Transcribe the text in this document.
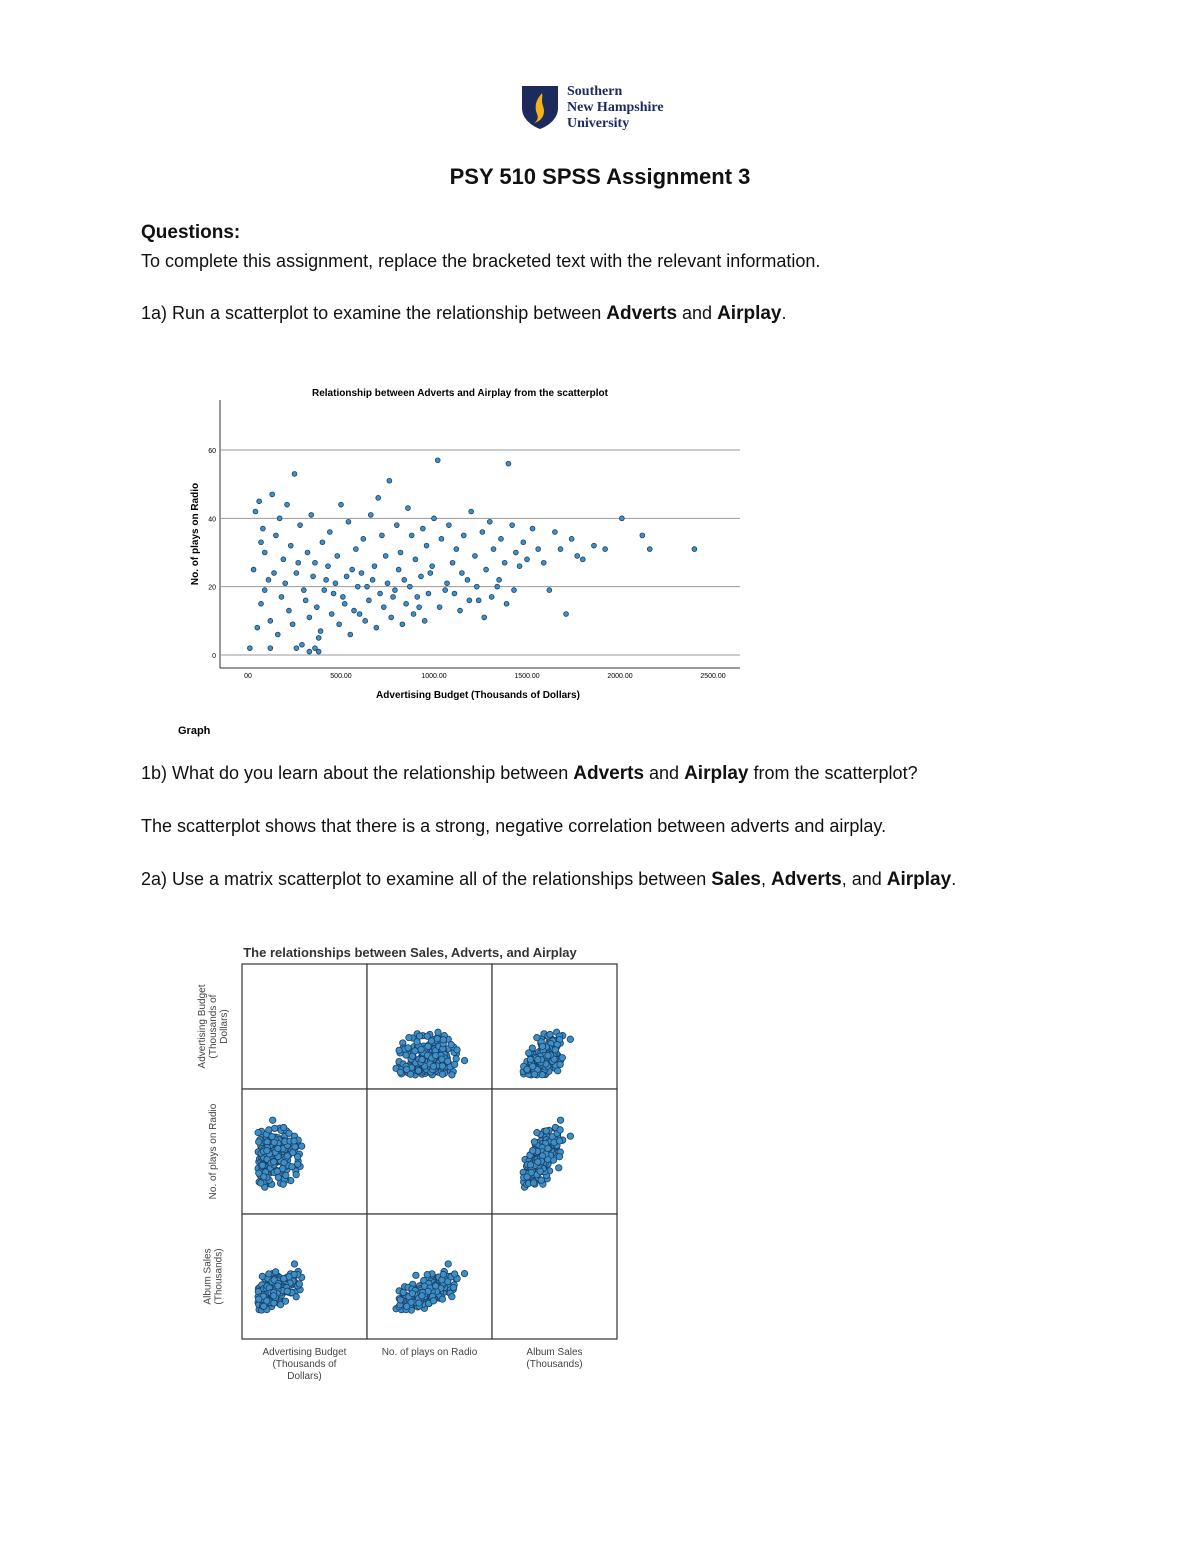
Southern
New Hampshire
University
PSY 510 SPSS Assignment 3
Questions:
To complete this assignment, replace the bracketed text with the relevant information.
1a) Run a scatterplot to examine the relationship between Adverts and Airplay.
Relationship between Adverts and Airplay from the scatterplot
0
20
40
60
00	500.00	1000.00	1500.00	2000.00	2500.00
Advertising Budget (Thousands of Dollars)
No. of plays on Radio
Graph
1b) What do you learn about the relationship between Adverts and Airplay from the scatterplot?
The scatterplot shows that there is a strong, negative correlation between adverts and airplay.
2a) Use a matrix scatterplot to examine all of the relationships between Sales, Adverts, and Airplay.
The relationships between Sales, Adverts, and Airplay
Advertising Budget (Thousands of Dollars)
No. of plays on Radio
Album Sales (Thousands)
Advertising Budget
(Thousands of
Dollars)
No. of plays on Radio	Album Sales
(Thousands)
